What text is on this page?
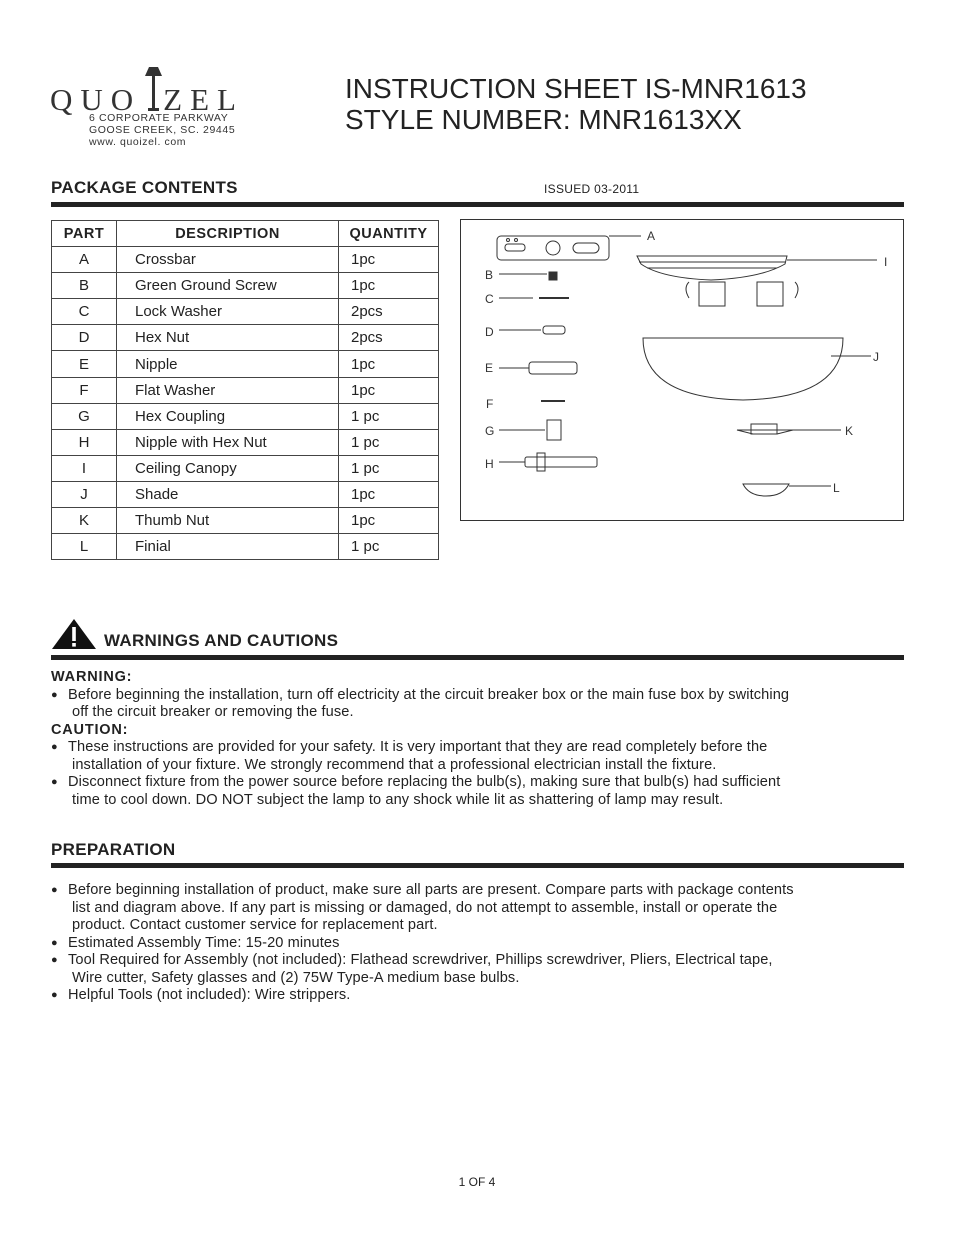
QUO ZEL
6 CORPORATE PARKWAY
GOOSE CREEK, SC. 29445
www. quoizel. com
INSTRUCTION SHEET IS-MNR1613
STYLE NUMBER: MNR1613XX
PACKAGE CONTENTS	ISSUED 03-2011
PART	DESCRIPTION	QUANTITY
A	Crossbar	1pc
B	Green Ground Screw	1pc
C	Lock Washer	2pcs
D	Hex Nut	2pcs
E	Nipple	1pc
F	Flat Washer	1pc
G	Hex Coupling	1 pc
H	Nipple with Hex Nut	1 pc
I	Ceiling Canopy	1 pc
J	Shade	1pc
K	Thumb Nut	1pc
L	Finial	1 pc
A
I
B
C
D
J
E
F
G	K
H
L
WARNINGS AND CAUTIONS
WARNING:
● Before beginning the installation, turn off electricity at the circuit breaker box or the main fuse box by switching
off the circuit breaker or removing the fuse.
CAUTION:
● These instructions are provided for your safety. It is very important that they are read completely before the
installation of your fixture. We strongly recommend that a professional electrician install the fixture.
● Disconnect fixture from the power source before replacing the bulb(s), making sure that bulb(s) had sufficient
time to cool down. DO NOT subject the lamp to any shock while lit as shattering of lamp may result.
PREPARATION
● Before beginning installation of product, make sure all parts are present. Compare parts with package contents
list and diagram above. If any part is missing or damaged, do not attempt to assemble, install or operate the
product. Contact customer service for replacement part.
● Estimated Assembly Time: 15-20 minutes
● Tool Required for Assembly (not included): Flathead screwdriver, Phillips screwdriver, Pliers, Electrical tape,
Wire cutter, Safety glasses and (2) 75W Type-A medium base bulbs.
● Helpful Tools (not included): Wire strippers.
1 OF 4
